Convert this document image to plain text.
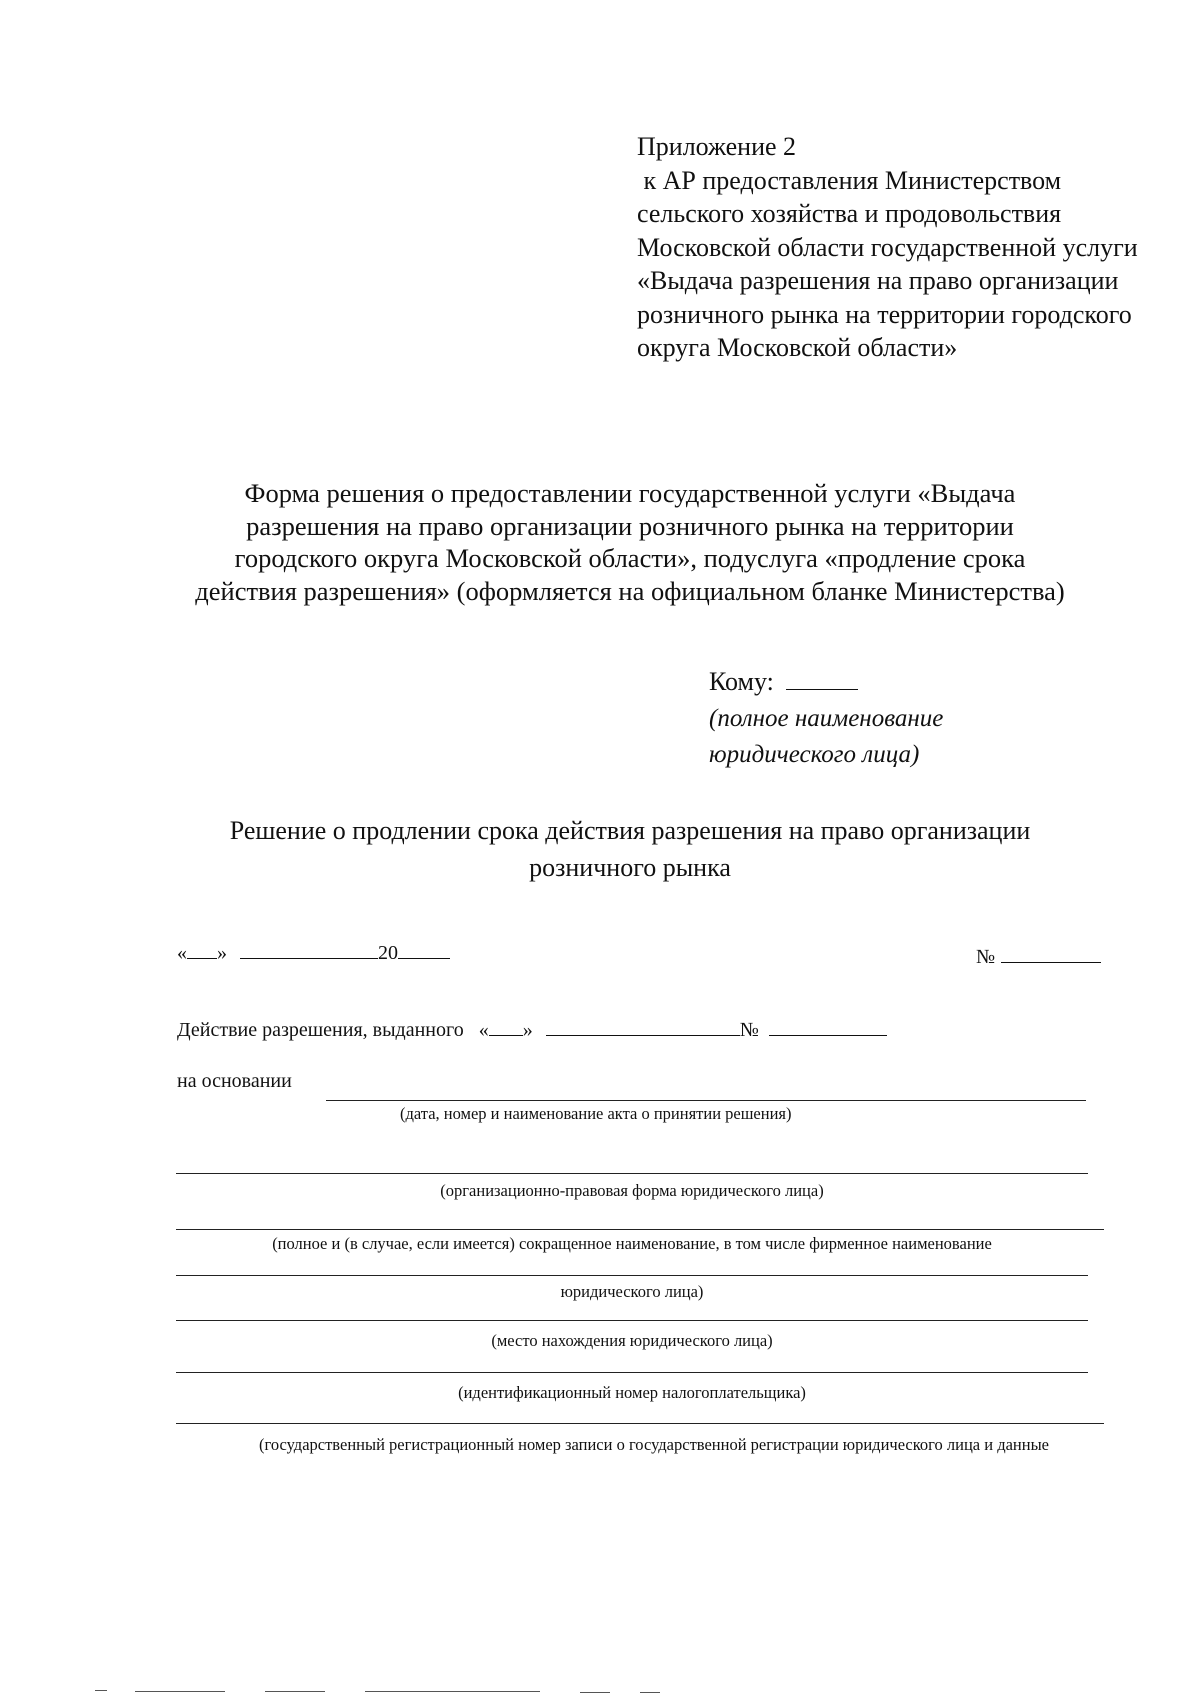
Приложение 2
к АР предоставления Министерством
сельского хозяйства и продовольствия
Московской области государственной услуги
«Выдача разрешения на право организации
розничного рынка на территории городского
округа Московской области»
Форма решения о предоставлении государственной услуги «Выдача
разрешения на право организации розничного рынка на территории
городского округа Московской области», подуслуга «продление срока
действия разрешения» (оформляется на официальном бланке Министерства)
Кому:
(полное наименование
юридического лица)
Решение о продлении срока действия разрешения на право организации
розничного рынка
« »	20	№
Действие разрешения, выданного « »	№
на основании
(дата, номер и наименование акта о принятии решения)
(организационно-правовая форма юридического лица)
(полное и (в случае, если имеется) сокращенное наименование, в том числе фирменное наименование
юридического лица)
(место нахождения юридического лица)
(идентификационный номер налогоплательщика)
(государственный регистрационный номер записи о государственной регистрации юридического лица и данные
